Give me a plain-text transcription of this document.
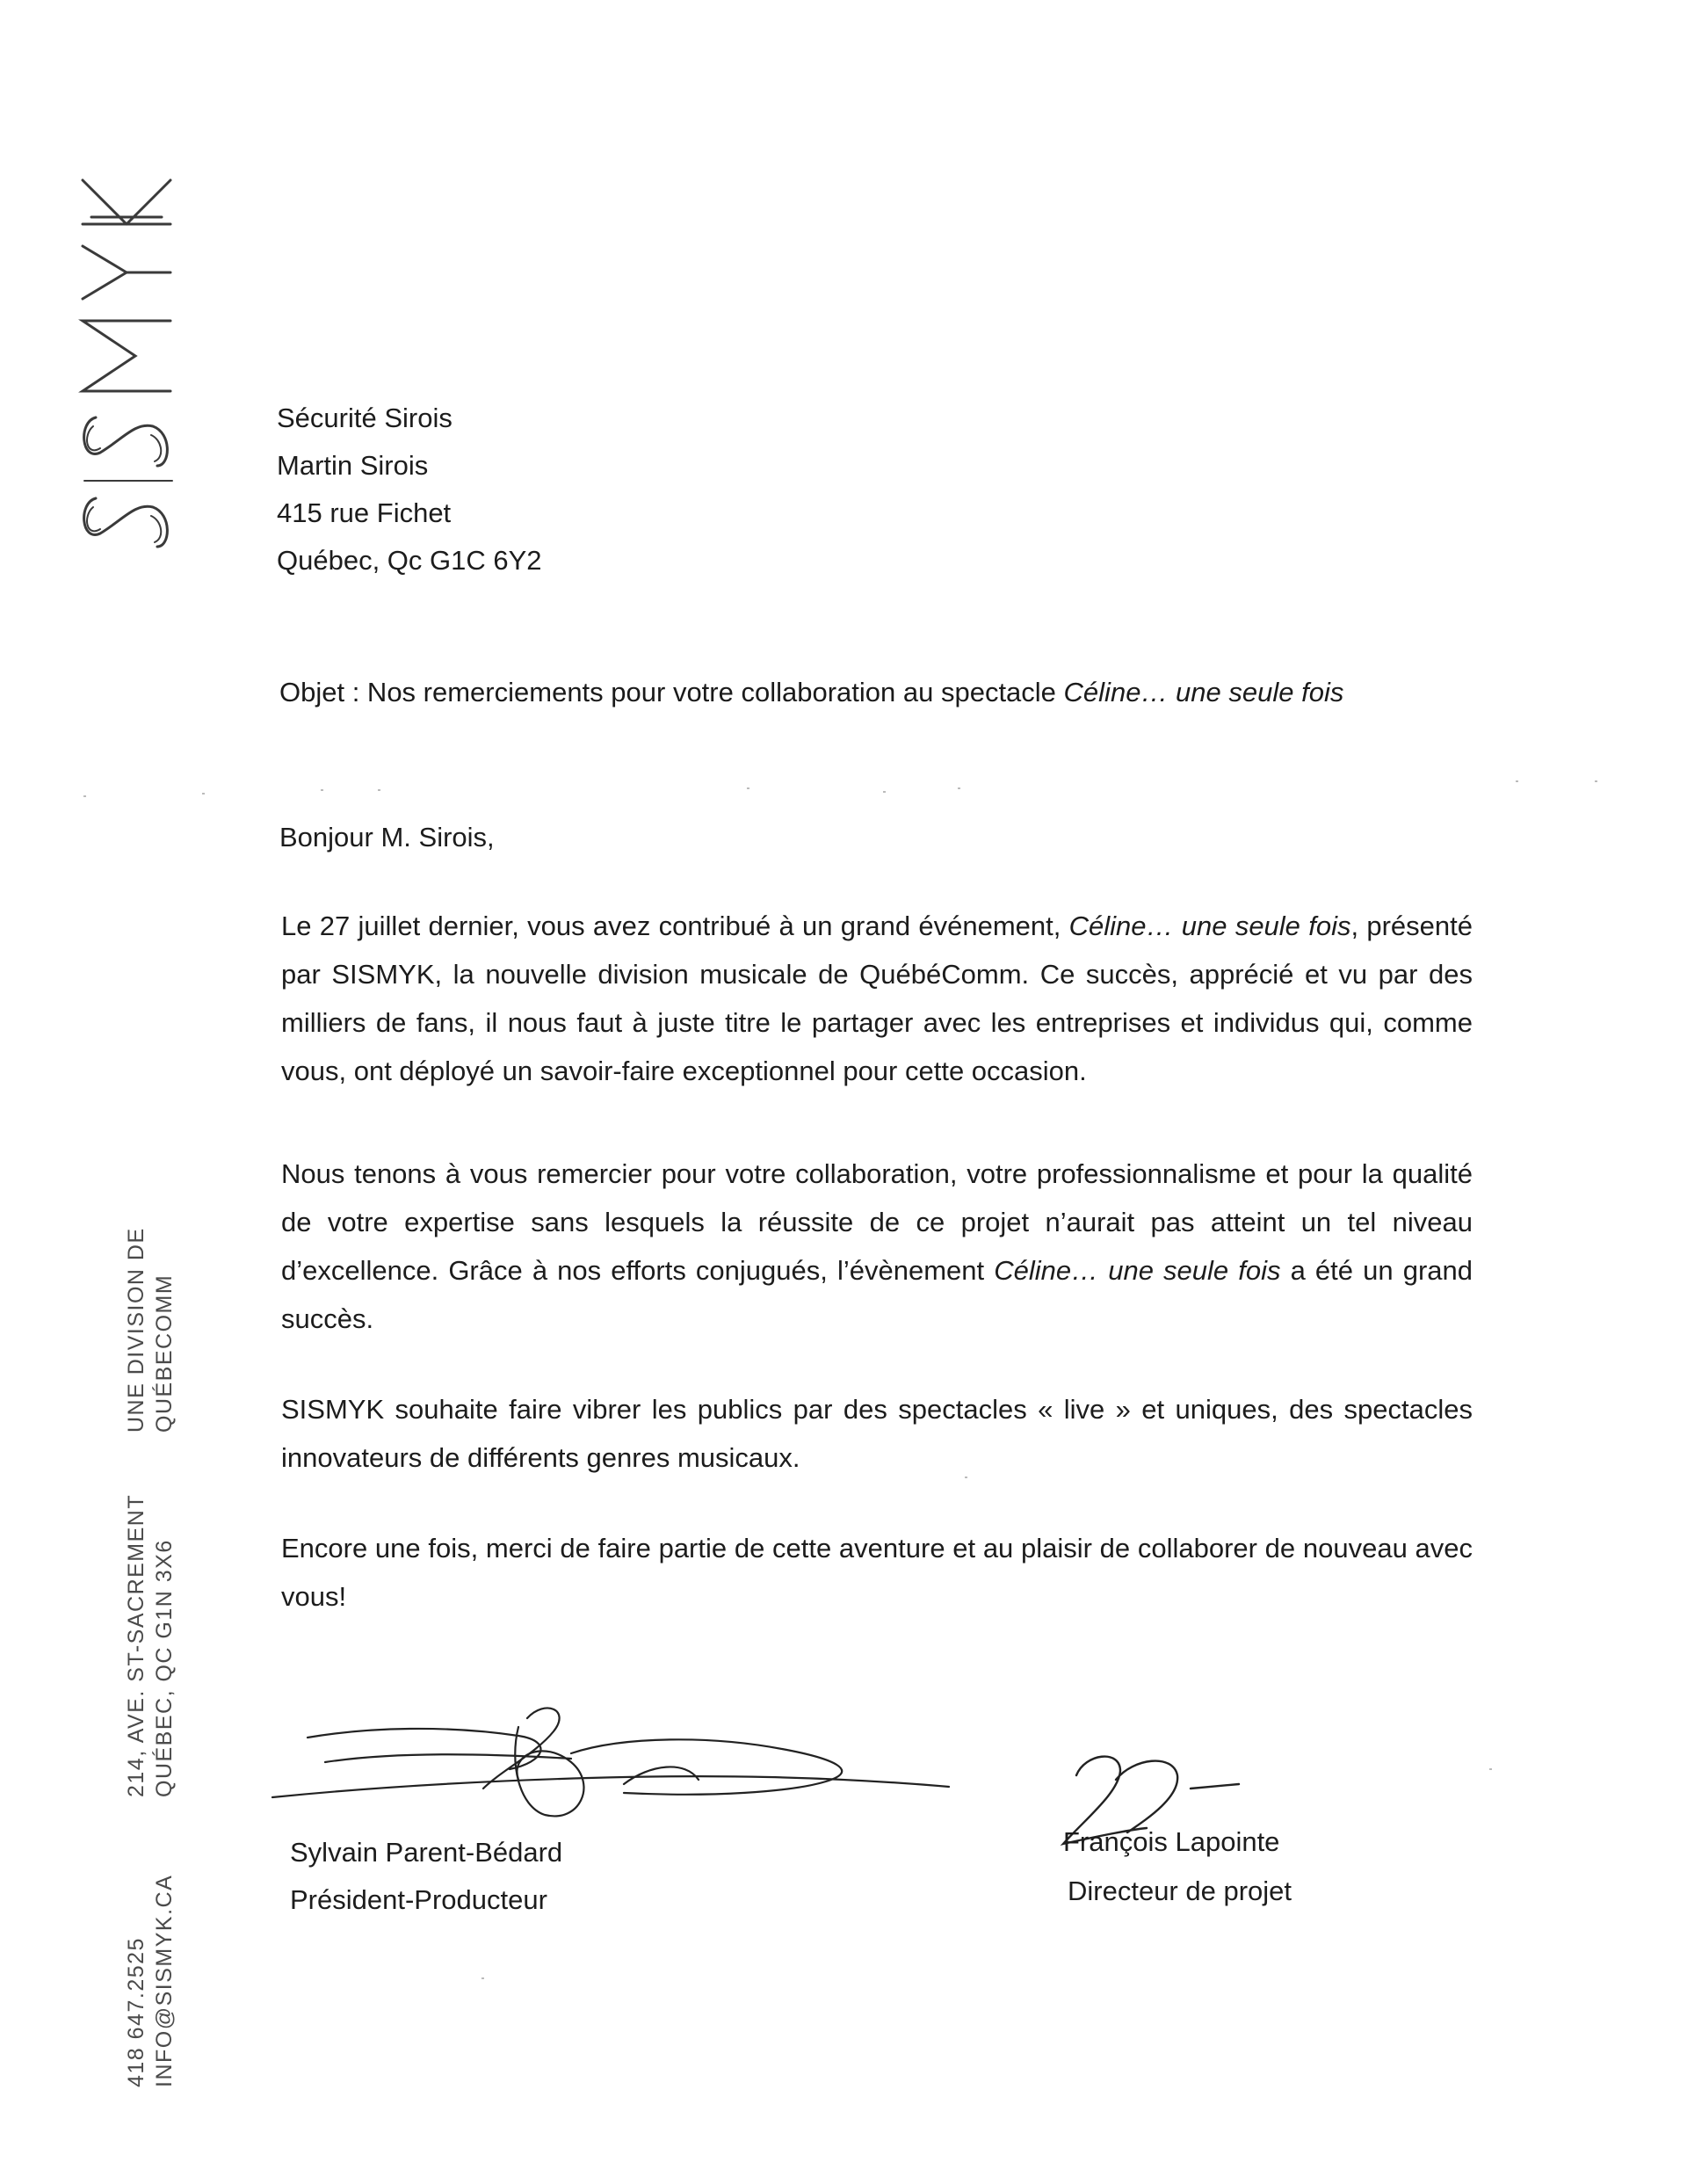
UNE DIVISION DE QUÉBECOMM
214, AVE. ST-SACREMENT QUÉBEC, QC G1N 3X6
418 647.2525 INFO@SISMYK.CA
Sécurité Sirois
Martin Sirois
415 rue Fichet
Québec, Qc G1C 6Y2
Objet : Nos remerciements pour votre collaboration au spectacle Céline… une seule fois
Bonjour M. Sirois,
Le 27 juillet dernier, vous avez contribué à un grand événement, Céline… une seule fois, présenté par SISMYK, la nouvelle division musicale de QuébéComm. Ce succès, apprécié et vu par des milliers de fans, il nous faut à juste titre le partager avec les entreprises et individus qui, comme vous, ont déployé un savoir-faire exceptionnel pour cette occasion.
Nous tenons à vous remercier pour votre collaboration, votre professionnalisme et pour la qualité de votre expertise sans lesquels la réussite de ce projet n’aurait pas atteint un tel niveau d’excellence. Grâce à nos efforts conjugués, l’évènement Céline… une seule fois a été un grand succès.
SISMYK souhaite faire vibrer les publics par des spectacles « live » et uniques, des spectacles innovateurs de différents genres musicaux.
Encore une fois, merci de faire partie de cette aventure et au plaisir de collaborer de nouveau avec vous!
Sylvain Parent-Bédard
Président-Producteur
François Lapointe
Directeur de projet
